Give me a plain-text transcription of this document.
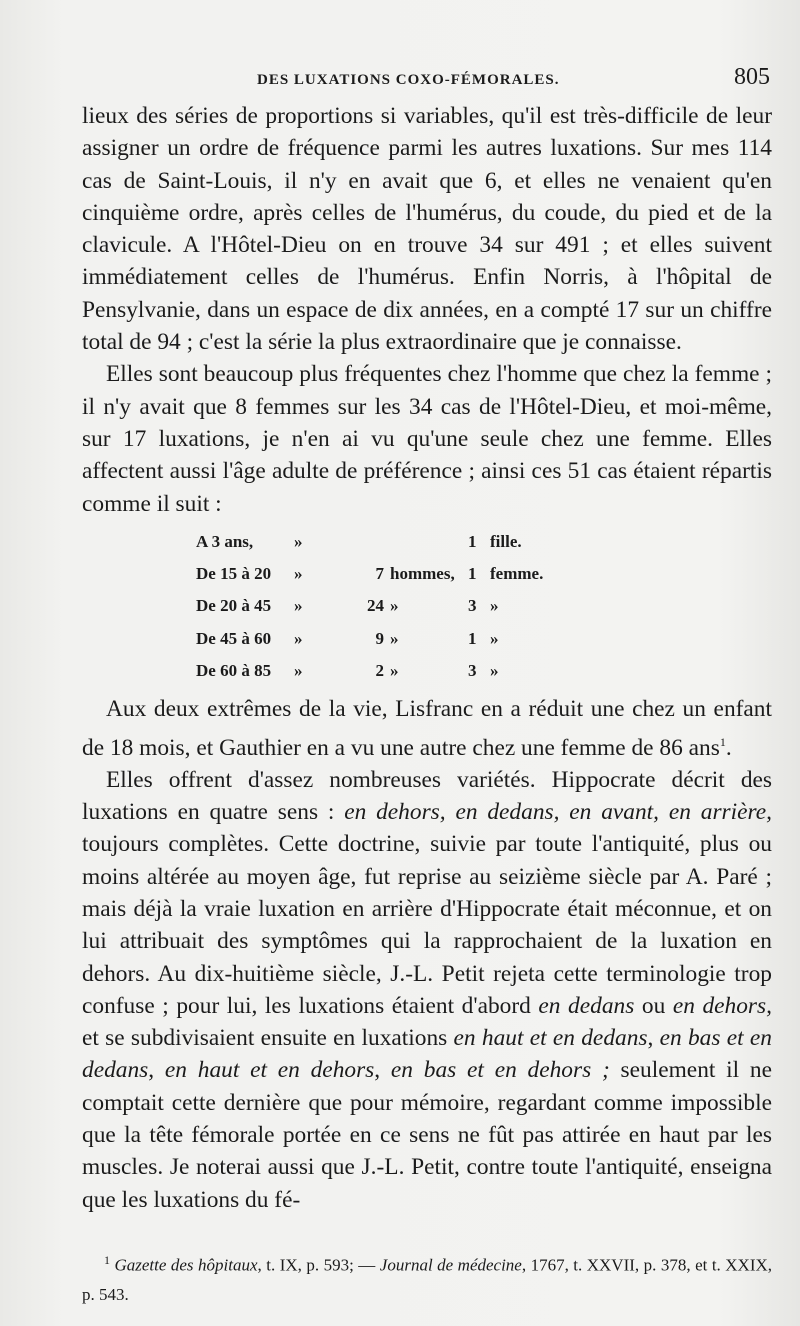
DES LUXATIONS COXO-FÉMORALES.	805

lieux des séries de proportions si variables, qu'il est très-difficile de leur assigner un ordre de fréquence parmi les autres luxations. Sur mes 114 cas de Saint-Louis, il n'y en avait que 6, et elles ne venaient qu'en cinquième ordre, après celles de l'humérus, du coude, du pied et de la clavicule. A l'Hôtel-Dieu on en trouve 34 sur 491 ; et elles suivent immédiatement celles de l'humérus. Enfin Norris, à l'hôpital de Pensylvanie, dans un espace de dix années, en a compté 17 sur un chiffre total de 94 ; c'est la série la plus extraordinaire que je connaisse.

Elles sont beaucoup plus fréquentes chez l'homme que chez la femme ; il n'y avait que 8 femmes sur les 34 cas de l'Hôtel-Dieu, et moi-même, sur 17 luxations, je n'en ai vu qu'une seule chez une femme. Elles affectent aussi l'âge adulte de préférence ; ainsi ces 51 cas étaient répartis comme il suit :

A 3 ans,	»			1	fille.
De 15 à 20	»	7	hommes,	1	femme.
De 20 à 45	»	24	»	3	»
De 45 à 60	»	9	»	1	»
De 60 à 85	»	2	»	3	»

Aux deux extrêmes de la vie, Lisfranc en a réduit une chez un enfant de 18 mois, et Gauthier en a vu une autre chez une femme de 86 ans$^1$.

Elles offrent d'assez nombreuses variétés. Hippocrate décrit des luxations en quatre sens : en dehors, en dedans, en avant, en arrière, toujours complètes. Cette doctrine, suivie par toute l'antiquité, plus ou moins altérée au moyen âge, fut reprise au seizième siècle par A. Paré ; mais déjà la vraie luxation en arrière d'Hippocrate était méconnue, et on lui attribuait des symptômes qui la rapprochaient de la luxation en dehors. Au dix-huitième siècle, J.-L. Petit rejeta cette terminologie trop confuse ; pour lui, les luxations étaient d'abord en dedans ou en dehors, et se subdivisaient ensuite en luxations en haut et en dedans, en bas et en dedans, en haut et en dehors, en bas et en dehors ; seulement il ne comptait cette dernière que pour mémoire, regardant comme impossible que la tête fémorale portée en ce sens ne fût pas attirée en haut par les muscles. Je noterai aussi que J.-L. Petit, contre toute l'antiquité, enseigna que les luxations du fé-

$^1$ Gazette des hôpitaux, t. IX, p. 593; — Journal de médecine, 1767, t. XXVII, p. 378, et t. XXIX, p. 543.
